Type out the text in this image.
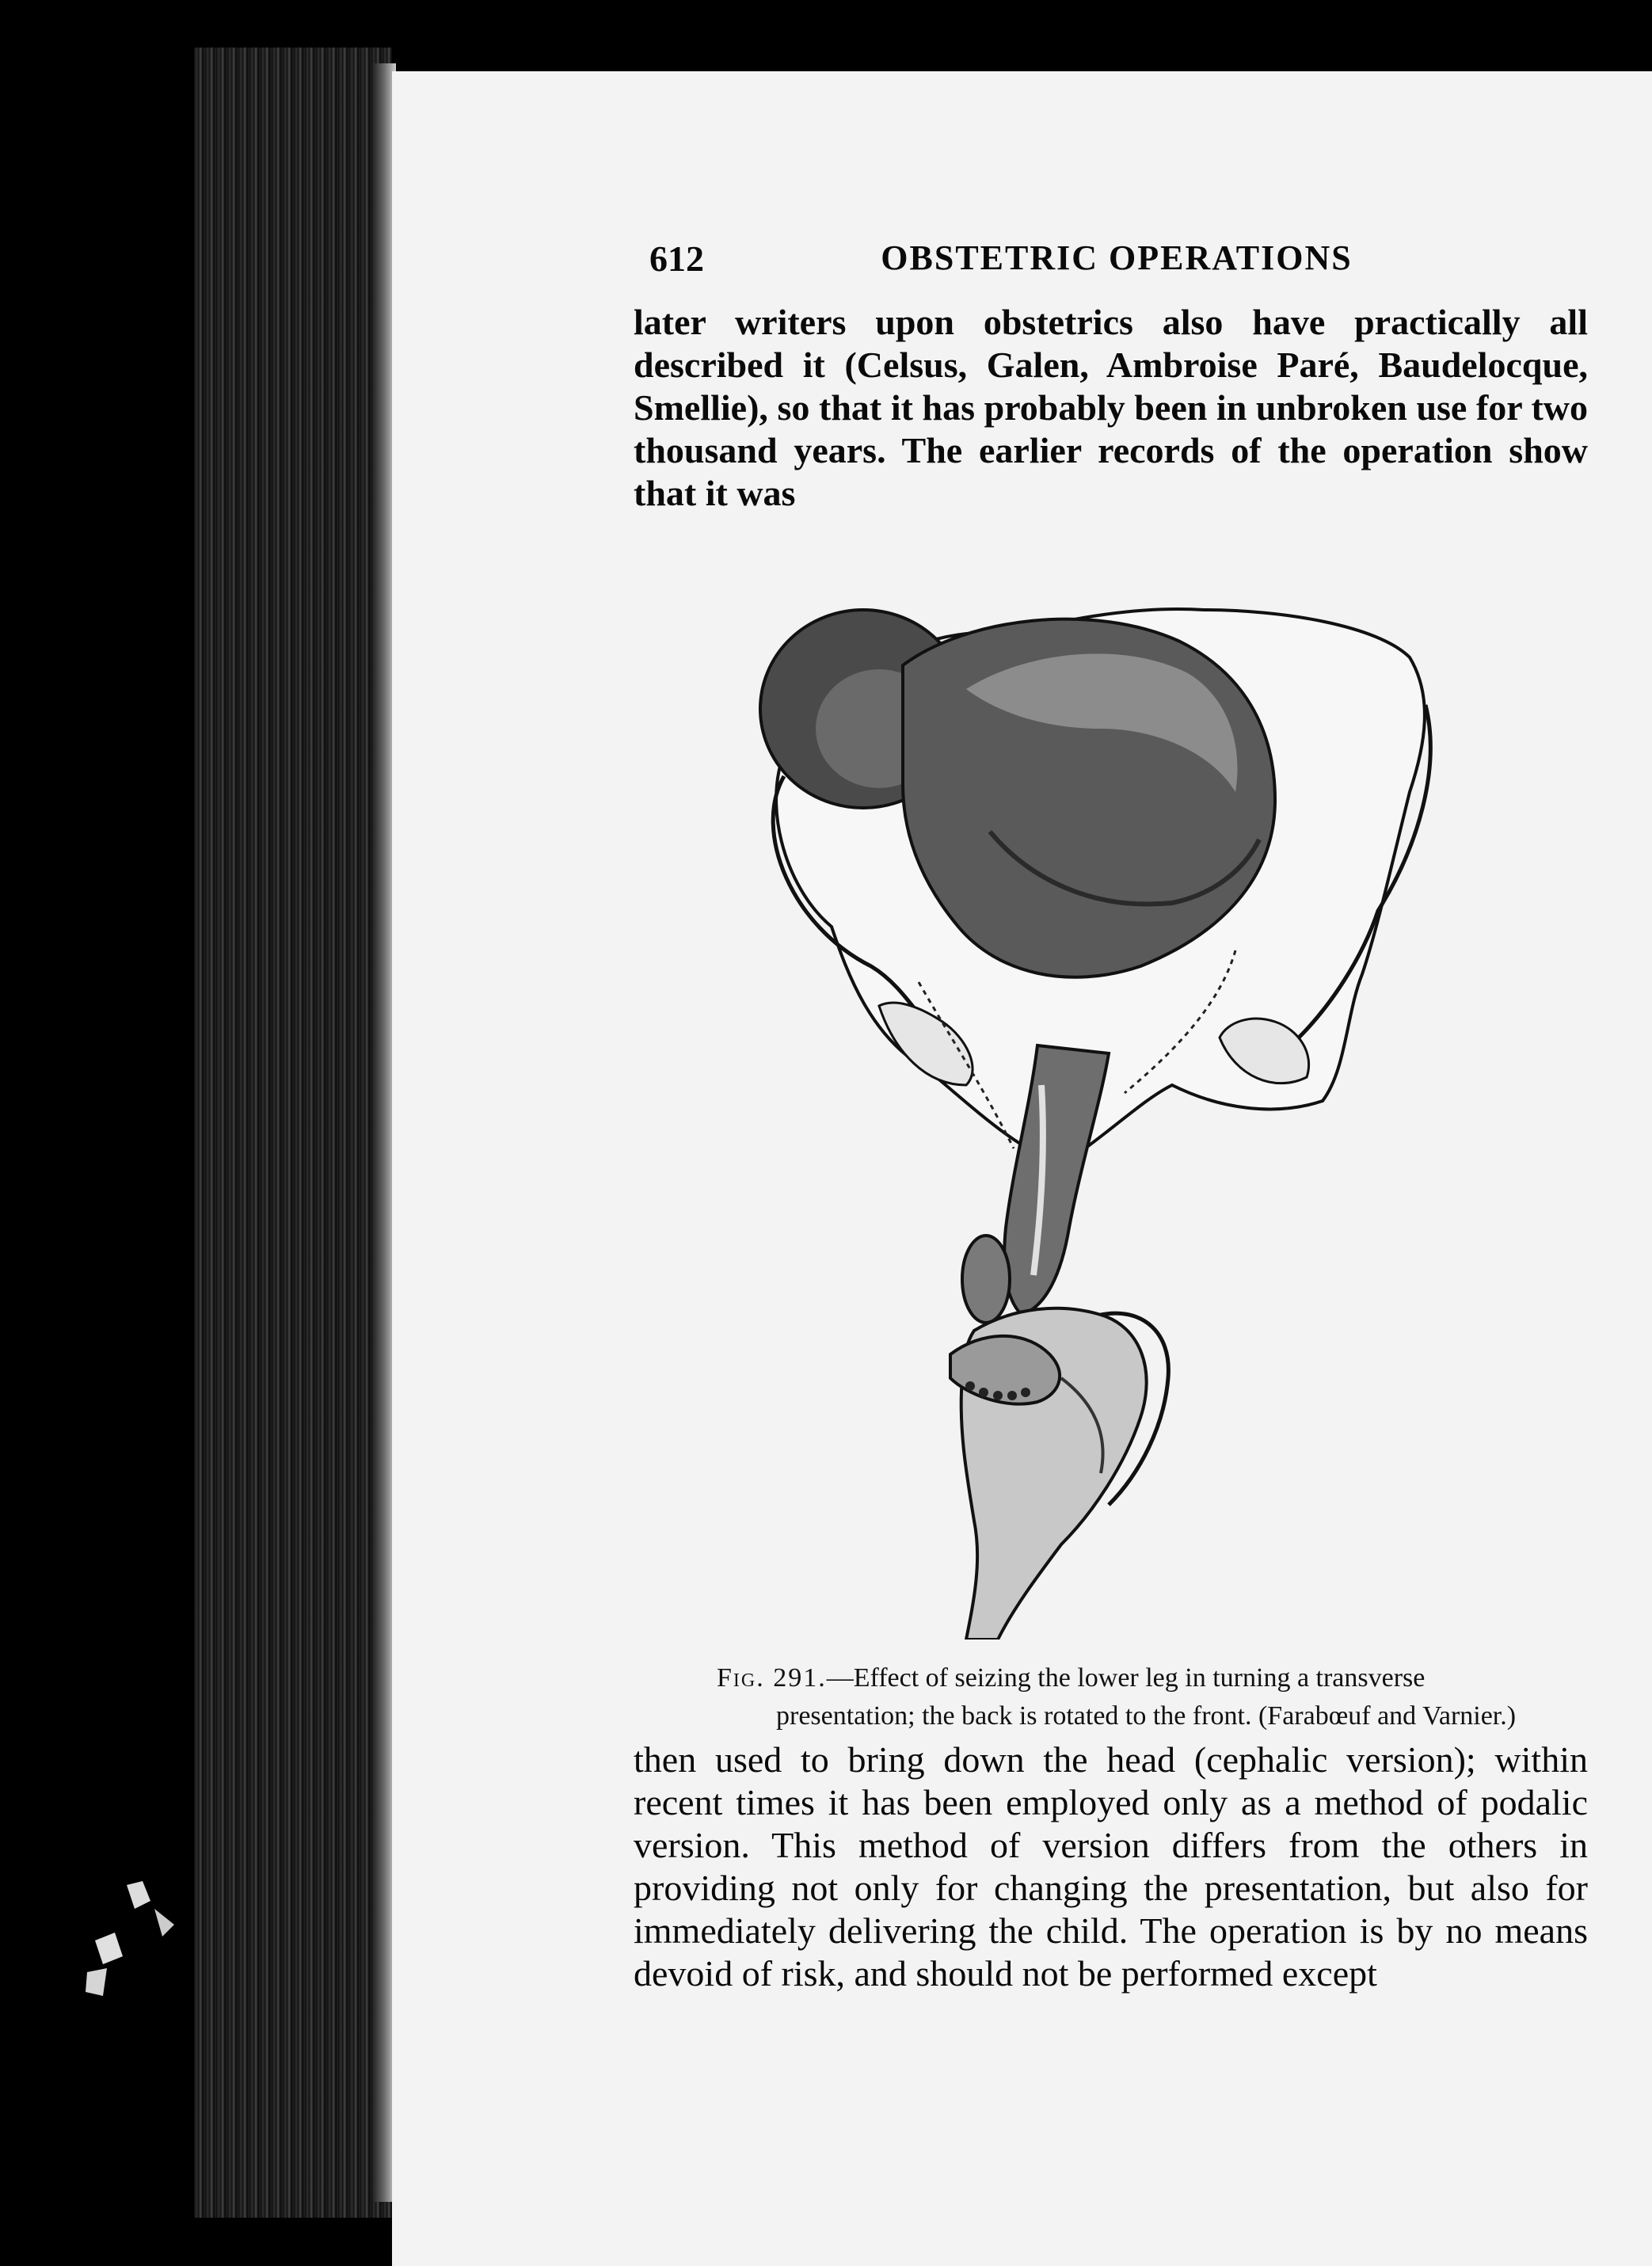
612	OBSTETRIC OPERATIONS

later writers upon obstetrics also have practically all described it (Celsus, Galen, Ambroise Paré, Baudelocque, Smellie), so that it has probably been in unbroken use for two thousand years. The earlier records of the operation show that it was

Fig. 291.—Effect of seizing the lower leg in turning a transverse presentation; the back is rotated to the front. (Farabœuf and Varnier.)

then used to bring down the head (cephalic version); within recent times it has been employed only as a method of podalic version. This method of version differs from the others in providing not only for changing the presentation, but also for immediately delivering the child. The operation is by no means devoid of risk, and should not be performed except
